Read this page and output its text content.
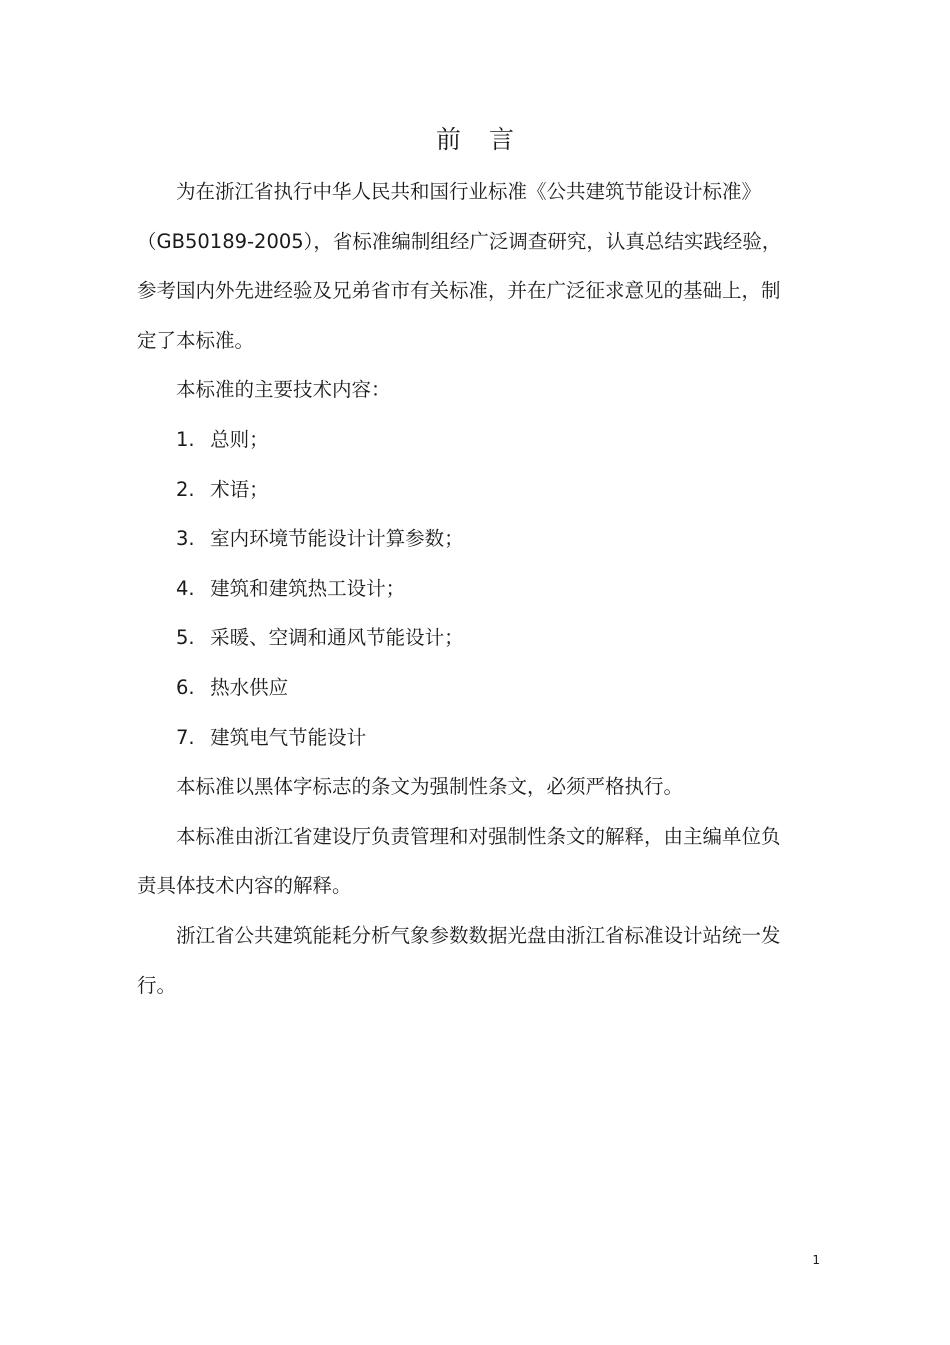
前言

为在浙江省执行中华人民共和国行业标准《公共建筑节能设计标准》（GB50189-2005），省标准编制组经广泛调查研究，认真总结实践经验，参考国内外先进经验及兄弟省市有关标准，并在广泛征求意见的基础上，制定了本标准。

本标准的主要技术内容：

1. 总则；

2. 术语；

3. 室内环境节能设计计算参数；

4. 建筑和建筑热工设计；

5. 采暖、空调和通风节能设计；

6. 热水供应

7. 建筑电气节能设计

本标准以黑体字标志的条文为强制性条文，必须严格执行。

本标准由浙江省建设厅负责管理和对强制性条文的解释，由主编单位负责具体技术内容的解释。

浙江省公共建筑能耗分析气象参数数据光盘由浙江省标准设计站统一发行。

1
